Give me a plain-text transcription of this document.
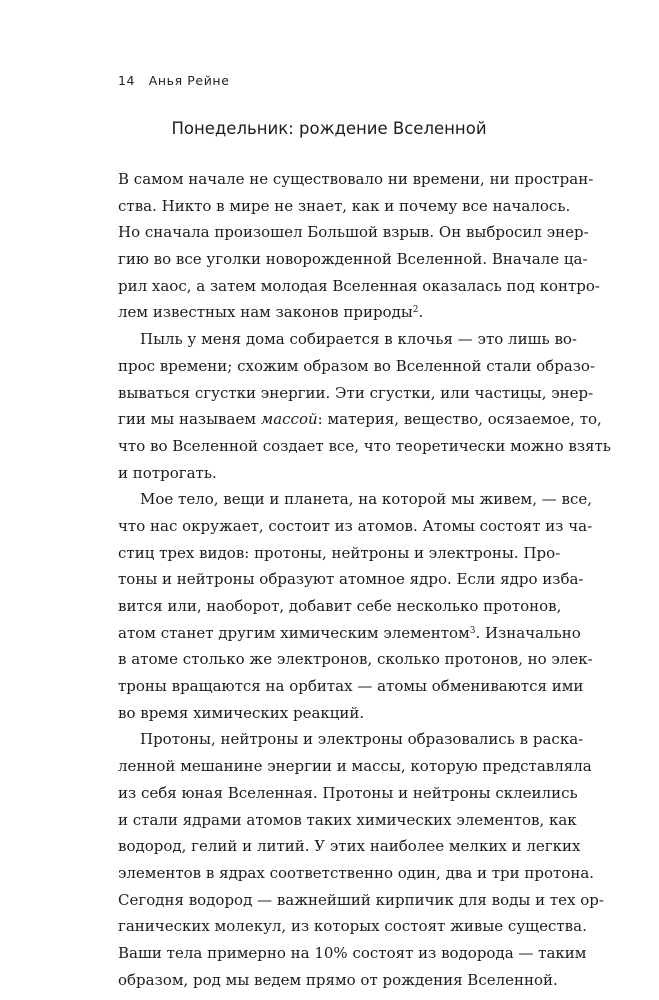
14 Анья Рейне
Понедельник: рождение Вселенной
В самом начале не существовало ни времени, ни простран-
ства. Никто в мире не знает, как и почему все началось.
Но сначала произошел Большой взрыв. Он выбросил энер-
гию во все уголки новорожденной Вселенной. Вначале ца-
рил хаос, а затем молодая Вселенная оказалась под контро-
лем известных нам законов природы$^2$.
Пыль у меня дома собирается в клочья — это лишь во-
прос времени; схожим образом во Вселенной стали образо-
вываться сгустки энергии. Эти сгустки, или частицы, энер-
гии мы называем массой: материя, вещество, осязаемое, то,
что во Вселенной создает все, что теоретически можно взять
и потрогать.
Мое тело, вещи и планета, на которой мы живем, — все,
что нас окружает, состоит из атомов. Атомы состоят из ча-
стиц трех видов: протоны, нейтроны и электроны. Про-
тоны и нейтроны образуют атомное ядро. Если ядро изба-
вится или, наоборот, добавит себе несколько протонов,
атом станет другим химическим элементом$^3$. Изначально
в атоме столько же электронов, сколько протонов, но элек-
троны вращаются на орбитах — атомы обмениваются ими
во время химических реакций.
Протоны, нейтроны и электроны образовались в раска-
ленной мешанине энергии и массы, которую представляла
из себя юная Вселенная. Протоны и нейтроны склеились
и стали ядрами атомов таких химических элементов, как
водород, гелий и литий. У этих наиболее мелких и легких
элементов в ядрах соответственно один, два и три протона.
Сегодня водород — важнейший кирпичик для воды и тех ор-
ганических молекул, из которых состоят живые существа.
Ваши тела примерно на 10% состоят из водорода — таким
образом, род мы ведем прямо от рождения Вселенной.
